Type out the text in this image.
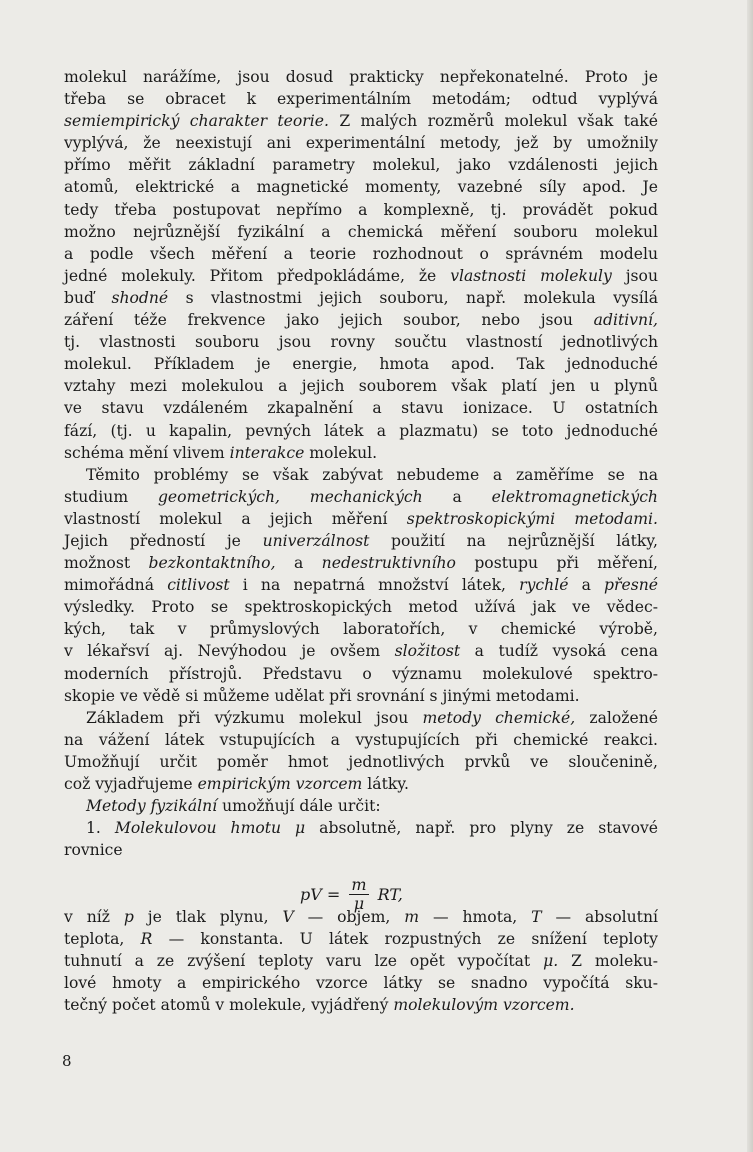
molekul narážíme, jsou dosud prakticky nepřekonatelné. Proto je
třeba se obracet k experimentálním metodám; odtud vyplývá
semiempirický charakter teorie. Z malých rozměrů molekul však také
vyplývá, že neexistují ani experimentální metody, jež by umožnily
přímo měřit základní parametry molekul, jako vzdálenosti jejich
atomů, elektrické a magnetické momenty, vazebné síly apod. Je
tedy třeba postupovat nepřímo a komplexně, tj. provádět pokud
možno nejrůznější fyzikální a chemická měření souboru molekul
a podle všech měření a teorie rozhodnout o správném modelu
jedné molekuly. Přitom předpokládáme, že vlastnosti molekuly jsou
buď shodné s vlastnostmi jejich souboru, např. molekula vysílá
záření téže frekvence jako jejich soubor, nebo jsou aditivní,
tj. vlastnosti souboru jsou rovny součtu vlastností jednotlivých
molekul. Příkladem je energie, hmota apod. Tak jednoduché
vztahy mezi molekulou a jejich souborem však platí jen u plynů
ve stavu vzdáleném zkapalnění a stavu ionizace. U ostatních
fází, (tj. u kapalin, pevných látek a plazmatu) se toto jednoduché
schéma mění vlivem interakce molekul.
Těmito problémy se však zabývat nebudeme a zaměříme se na
studium geometrických, mechanických a elektromagnetických
vlastností molekul a jejich měření spektroskopickými metodami.
Jejich předností je univerzálnost použití na nejrůznější látky,
možnost bezkontaktního, a nedestruktivního postupu při měření,
mimořádná citlivost i na nepatrná množství látek, rychlé a přesné
výsledky. Proto se spektroskopických metod užívá jak ve vědec-
kých, tak v průmyslových laboratořích, v chemické výrobě,
v lékařsví aj. Nevýhodou je ovšem složitost a tudíž vysoká cena
moderních přístrojů. Představu o významu molekulové spektro-
skopie ve vědě si můžeme udělat při srovnání s jinými metodami.
Základem při výzkumu molekul jsou metody chemické, založené
na vážení látek vstupujících a vystupujících při chemické reakci.
Umožňují určit poměr hmot jednotlivých prvků ve sloučenině,
což vyjadřujeme empirickým vzorcem látky.
Metody fyzikální umožňují dále určit:
1. Molekulovou hmotu μ absolutně, např. pro plyny ze stavové
rovnice
v níž p je tlak plynu, V — objem, m — hmota, T — absolutní
teplota, R — konstanta. U látek rozpustných ze snížení teploty
tuhnutí a ze zvýšení teploty varu lze opět vypočítat μ. Z moleku-
lové hmoty a empirického vzorce látky se snadno vypočítá sku-
tečný počet atomů v molekule, vyjádřený molekulovým vzorcem.
pV = $\frac{m}{\mu}$ RT,
8
